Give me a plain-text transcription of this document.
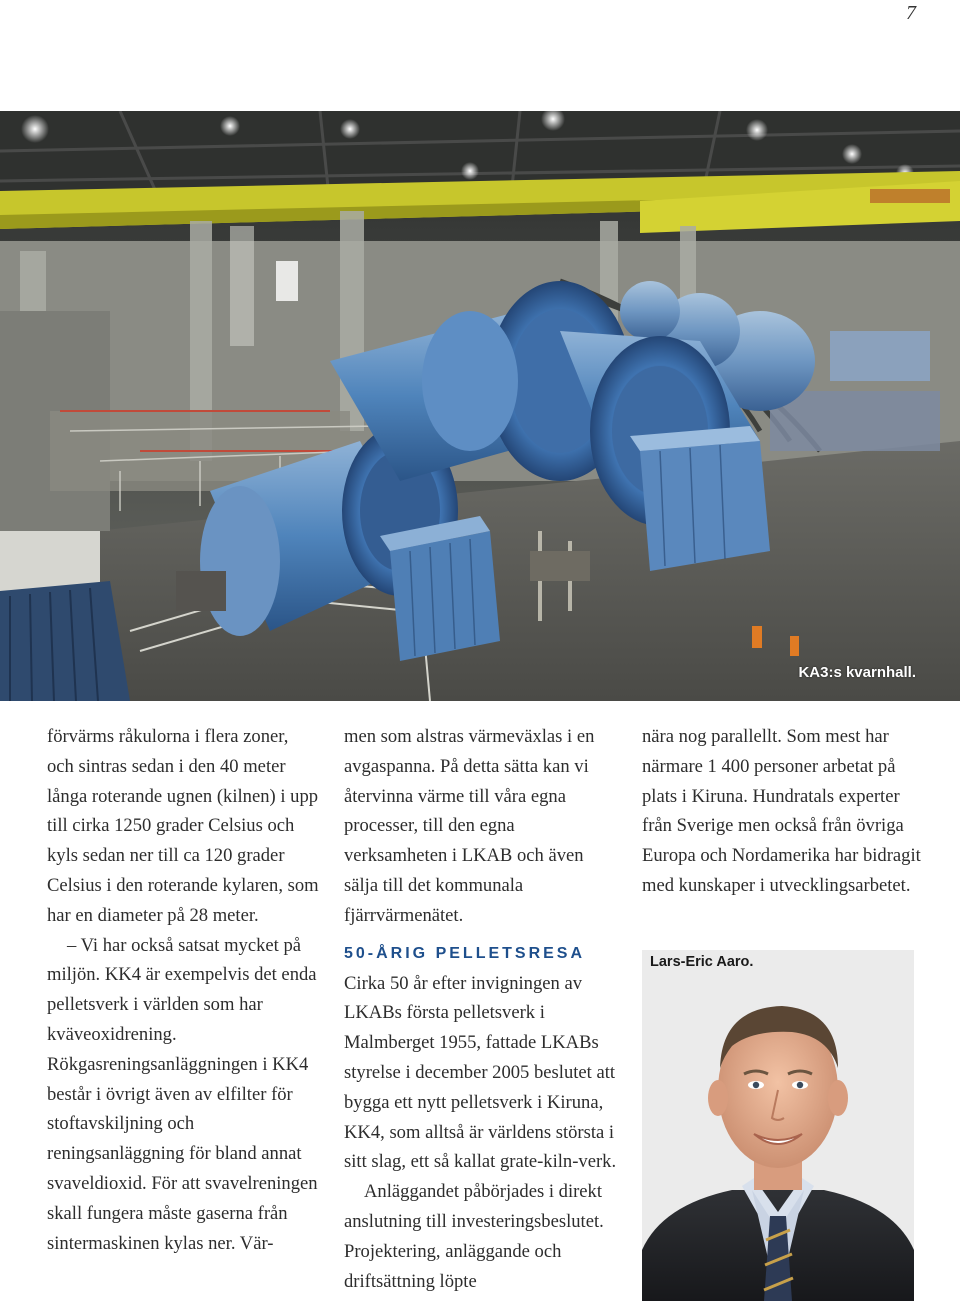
7
KA3:s kvarnhall.

förvärms råkulorna i flera zoner, och sintras sedan i den 40 meter långa roterande ugnen (kilnen) i upp till cirka 1250 grader Celsius och kyls sedan ner till ca 120 grader Celsius i den roterande kylaren, som har en diameter på 28 meter.

– Vi har också satsat mycket på miljön. KK4 är exempelvis det enda pelletsverk i världen som har kväveoxidrening. Rökgasreningsanläggningen i KK4 består i övrigt även av elfilter för stoftavskiljning och reningsanläggning för bland annat svaveldioxid. För att svavelreningen skall fungera måste gaserna från sintermaskinen kylas ner. Vär-

men som alstras värmeväxlas i en avgaspanna. På detta sätta kan vi återvinna värme till våra egna processer, till den egna verksamheten i LKAB och även sälja till det kommunala fjärrvärmenätet.

50-ÅRIG PELLETSRESA

Cirka 50 år efter invigningen av LKABs första pelletsverk i Malmberget 1955, fattade LKABs styrelse i december 2005 beslutet att bygga ett nytt pelletsverk i Kiruna, KK4, som alltså är världens största i sitt slag, ett så kallat grate-kiln-verk.

Anläggandet påbörjades i direkt anslutning till investeringsbeslutet. Projektering, anläggande och driftsättning löpte

nära nog parallellt. Som mest har närmare 1 400 personer arbetat på plats i Kiruna. Hundratals experter från Sverige men också från övriga Europa och Nordamerika har bidragit med kunskaper i utvecklingsarbetet.

Lars-Eric Aaro.
